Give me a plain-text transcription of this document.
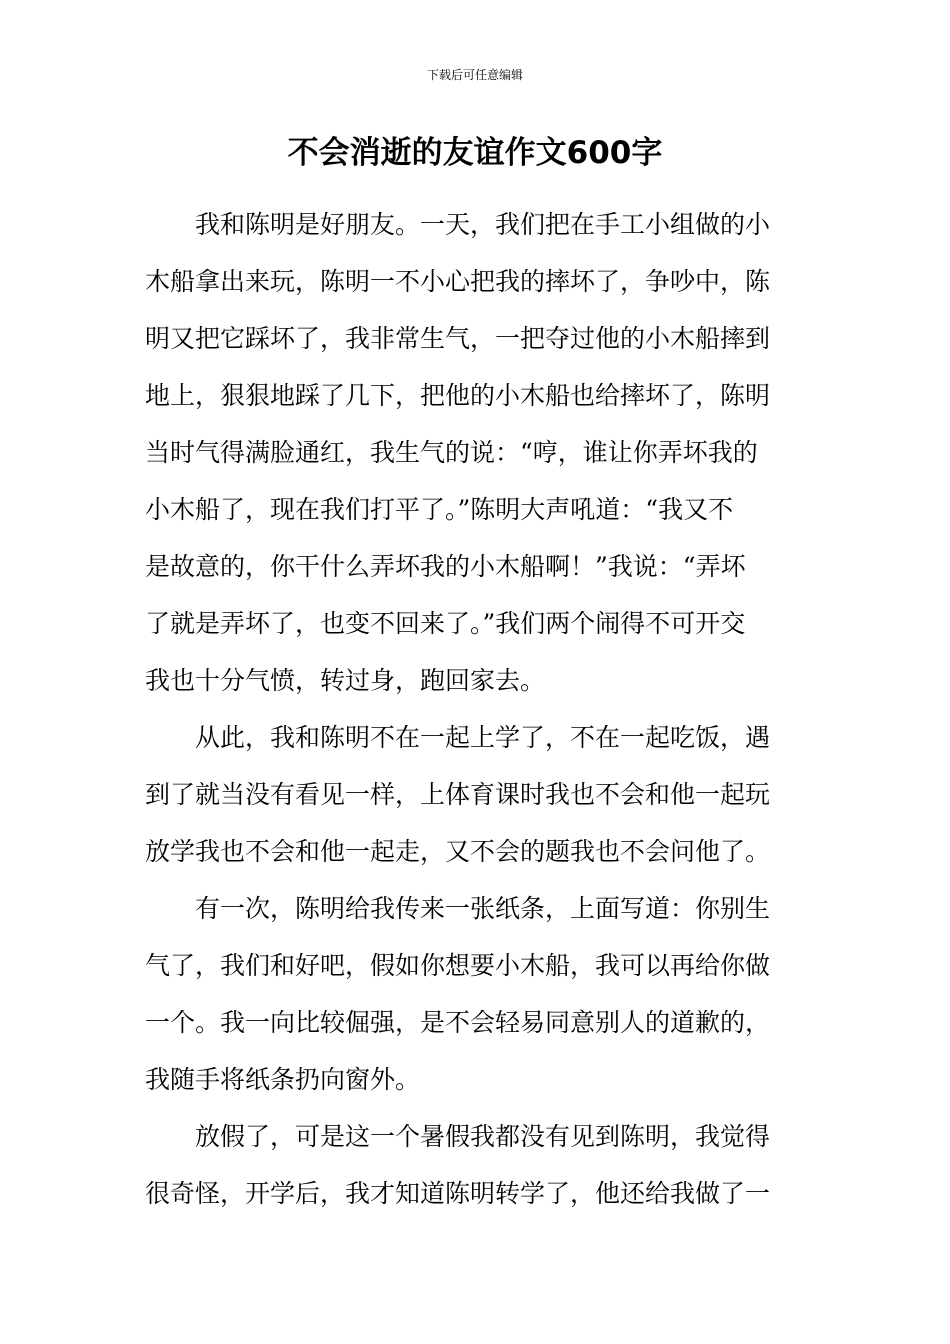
下载后可任意编辑
不会消逝的友谊作文600字

我和陈明是好朋友。一天，我们把在手工小组做的小
木船拿出来玩，陈明一不小心把我的摔坏了，争吵中，陈
明又把它踩坏了，我非常生气，一把夺过他的小木船摔到
地上，狠狠地踩了几下，把他的小木船也给摔坏了，陈明
当时气得满脸通红，我生气的说：“哼，谁让你弄坏我的
小木船了，现在我们打平了。”陈明大声吼道：“我又不
是故意的，你干什么弄坏我的小木船啊！”我说：“弄坏
了就是弄坏了，也变不回来了。”我们两个闹得不可开交
我也十分气愤，转过身，跑回家去。

从此，我和陈明不在一起上学了，不在一起吃饭，遇
到了就当没有看见一样，上体育课时我也不会和他一起玩
放学我也不会和他一起走，又不会的题我也不会问他了。

有一次，陈明给我传来一张纸条，上面写道：你别生
气了，我们和好吧，假如你想要小木船，我可以再给你做
一个。我一向比较倔强，是不会轻易同意别人的道歉的，
我随手将纸条扔向窗外。

放假了，可是这一个暑假我都没有见到陈明，我觉得
很奇怪，开学后，我才知道陈明转学了，他还给我做了一
